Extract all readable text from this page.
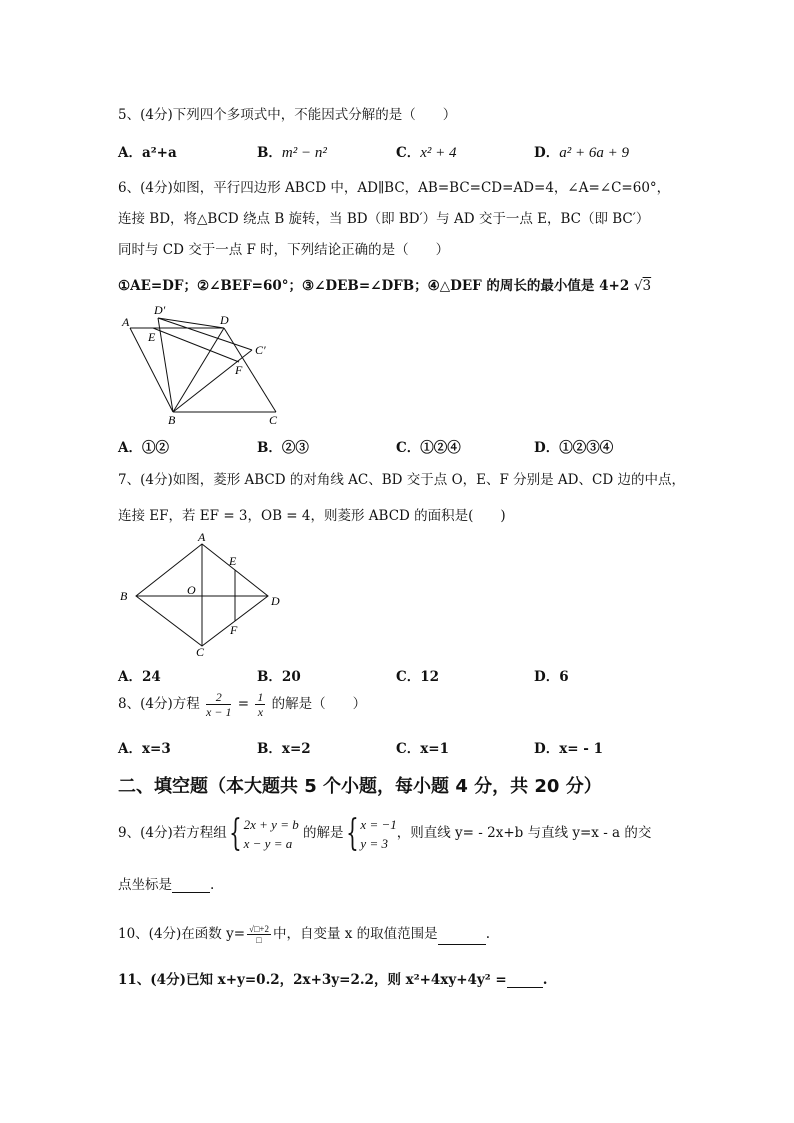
5、(4分)下列四个多项式中，不能因式分解的是（　　）
A．a²+a	B．m² − n²	C．x² + 4	D．a² + 6a + 9
6、(4分)如图，平行四边形 ABCD 中，AD∥BC，AB=BC=CD=AD=4，∠A=∠C=60°，
连接 BD，将△BCD 绕点 B 旋转，当 BD（即 BD′）与 AD 交于一点 E，BC（即 BC′）
同时与 CD 交于一点 F 时，下列结论正确的是（　　）
①AE=DF；②∠BEF=60°；③∠DEB=∠DFB；④△DEF 的周长的最小值是 4+2 √3
A
D′
D
E
C′
F
B	C
A．①②	B．②③	C．①②④	D．①②③④
7、(4分)如图，菱形 ABCD 的对角线 AC、BD 交于点 O，E、F 分别是 AD、CD 边的中点，
连接 EF，若 EF = 3，OB = 4，则菱形 ABCD 的面积是(　　)
A
B
C
D
E
F
O
A．24	B．20	C．12	D．6
8、(4分)方程 $\frac{2}{x - 1} = \frac{1}{x}$ 的解是（　　）
A．x=3	B．x=2	C．x=1	D．x= - 1
二、填空题（本大题共 5 个小题，每小题 4 分，共 20 分）
9、(4分)若方程组{ 2x + y = b
x − y = a
的解是{ x = −1
y = 3
，则直线 y= - 2x+b 与直线 y=x - a 的交
点坐标是	.
10、(4分)在函数 $y= \frac{√□+2}{□}$ 中，自变量 x 的取值范围是	.
11、(4分)已知 x+y=0.2，2x+3y=2.2，则 x²+4xy+4y² =	.
